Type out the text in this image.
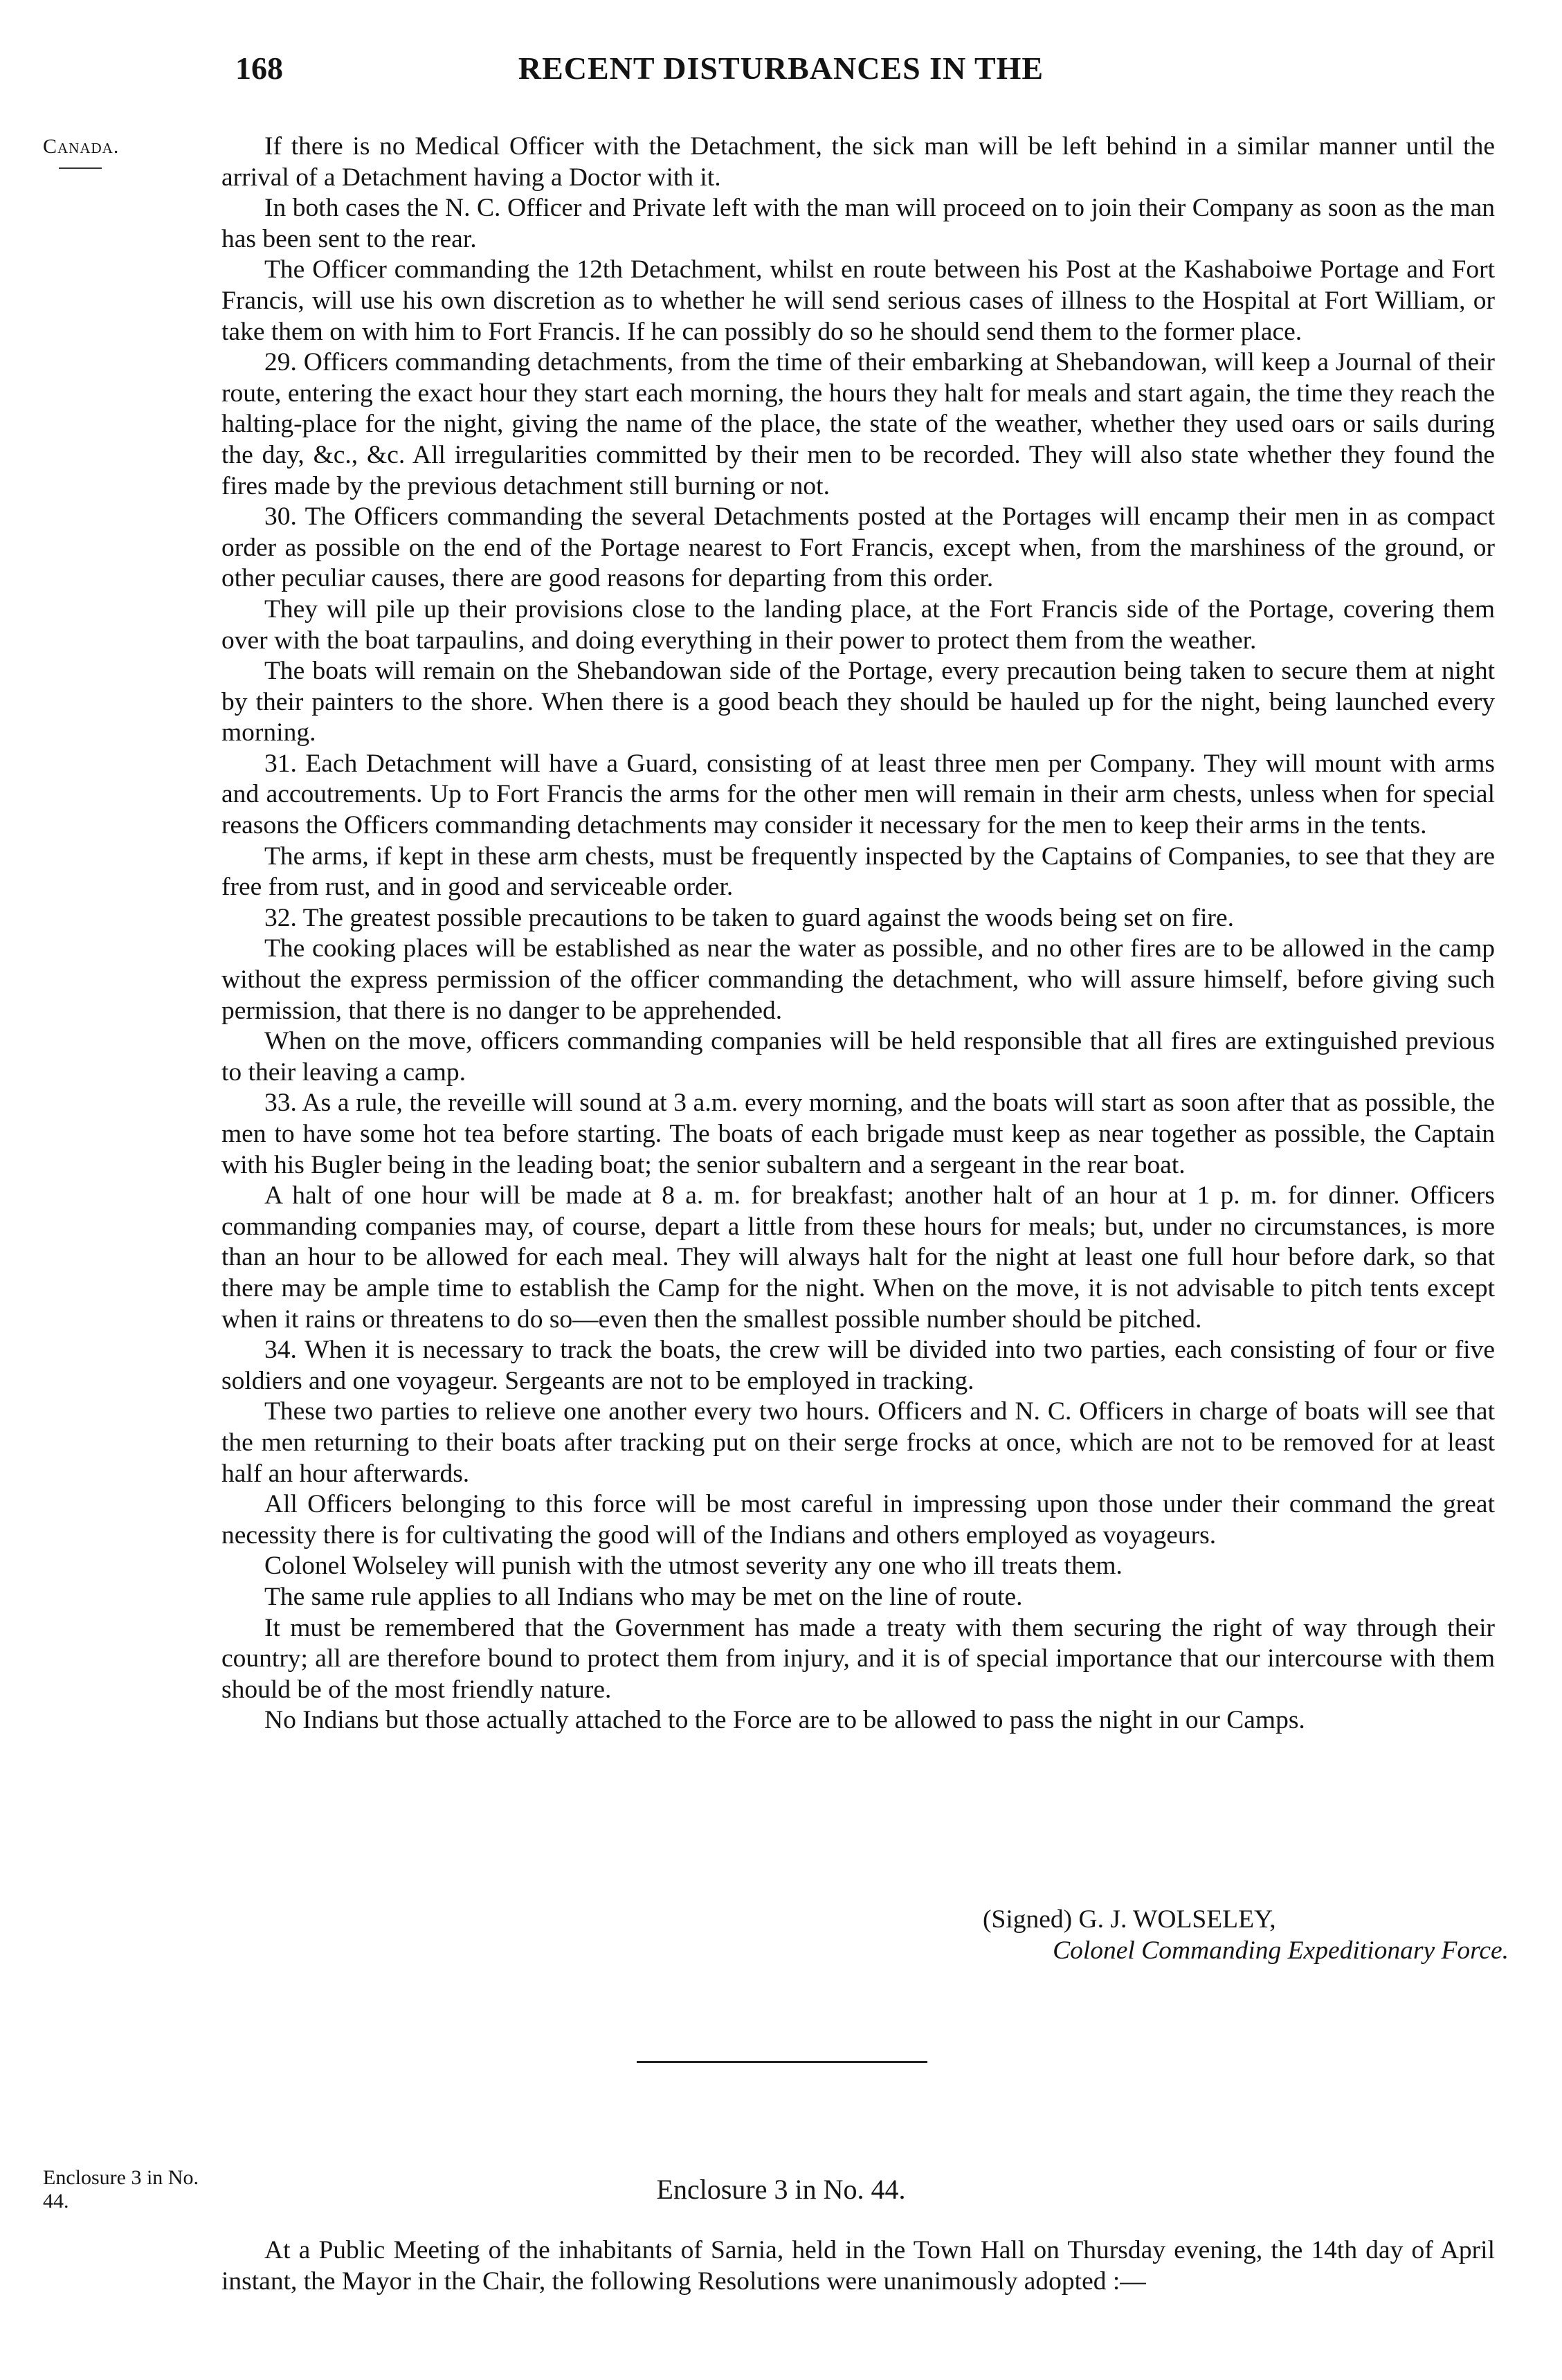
168	RECENT DISTURBANCES IN THE
Canada.	If there is no Medical Officer with the Detachment, the sick man will be left behind in a similar manner until the arrival of a Detachment having a Doctor with it.

In both cases the N. C. Officer and Private left with the man will proceed on to join their Company as soon as the man has been sent to the rear.

The Officer commanding the 12th Detachment, whilst en route between his Post at the Kashaboiwe Portage and Fort Francis, will use his own discretion as to whether he will send serious cases of illness to the Hospital at Fort William, or take them on with him to Fort Francis. If he can possibly do so he should send them to the former place.

29. Officers commanding detachments, from the time of their embarking at Shebandowan, will keep a Journal of their route, entering the exact hour they start each morning, the hours they halt for meals and start again, the time they reach the halting-place for the night, giving the name of the place, the state of the weather, whether they used oars or sails during the day, &c., &c. All irregularities committed by their men to be recorded. They will also state whether they found the fires made by the previous detachment still burning or not.

30. The Officers commanding the several Detachments posted at the Portages will encamp their men in as compact order as possible on the end of the Portage nearest to Fort Francis, except when, from the marshiness of the ground, or other peculiar causes, there are good reasons for departing from this order.

They will pile up their provisions close to the landing place, at the Fort Francis side of the Portage, covering them over with the boat tarpaulins, and doing everything in their power to protect them from the weather.

The boats will remain on the Shebandowan side of the Portage, every precaution being taken to secure them at night by their painters to the shore. When there is a good beach they should be hauled up for the night, being launched every morning.

31. Each Detachment will have a Guard, consisting of at least three men per Company. They will mount with arms and accoutrements. Up to Fort Francis the arms for the other men will remain in their arm chests, unless when for special reasons the Officers commanding detachments may consider it necessary for the men to keep their arms in the tents.

The arms, if kept in these arm chests, must be frequently inspected by the Captains of Companies, to see that they are free from rust, and in good and serviceable order.

32. The greatest possible precautions to be taken to guard against the woods being set on fire.

The cooking places will be established as near the water as possible, and no other fires are to be allowed in the camp without the express permission of the officer commanding the detachment, who will assure himself, before giving such permission, that there is no danger to be apprehended.

When on the move, officers commanding companies will be held responsible that all fires are extinguished previous to their leaving a camp.

33. As a rule, the reveille will sound at 3 a.m. every morning, and the boats will start as soon after that as possible, the men to have some hot tea before starting. The boats of each brigade must keep as near together as possible, the Captain with his Bugler being in the leading boat; the senior subaltern and a sergeant in the rear boat.

A halt of one hour will be made at 8 a. m. for breakfast; another halt of an hour at 1 p. m. for dinner. Officers commanding companies may, of course, depart a little from these hours for meals; but, under no circumstances, is more than an hour to be allowed for each meal. They will always halt for the night at least one full hour before dark, so that there may be ample time to establish the Camp for the night. When on the move, it is not advisable to pitch tents except when it rains or threatens to do so—even then the smallest possible number should be pitched.

34. When it is necessary to track the boats, the crew will be divided into two parties, each consisting of four or five soldiers and one voyageur. Sergeants are not to be employed in tracking.

These two parties to relieve one another every two hours. Officers and N. C. Officers in charge of boats will see that the men returning to their boats after tracking put on their serge frocks at once, which are not to be removed for at least half an hour afterwards.

All Officers belonging to this force will be most careful in impressing upon those under their command the great necessity there is for cultivating the good will of the Indians and others employed as voyageurs.

Colonel Wolseley will punish with the utmost severity any one who ill treats them.

The same rule applies to all Indians who may be met on the line of route.

It must be remembered that the Government has made a treaty with them securing the right of way through their country; all are therefore bound to protect them from injury, and it is of special importance that our intercourse with them should be of the most friendly nature.

No Indians but those actually attached to the Force are to be allowed to pass the night in our Camps.

(Signed) G. J. WOLSELEY,
Colonel Commanding Expeditionary Force.
Enclosure 3 in No. 44.	Enclosure 3 in No. 44.

At a Public Meeting of the inhabitants of Sarnia, held in the Town Hall on Thursday evening, the 14th day of April instant, the Mayor in the Chair, the following Resolutions were unanimously adopted :—
